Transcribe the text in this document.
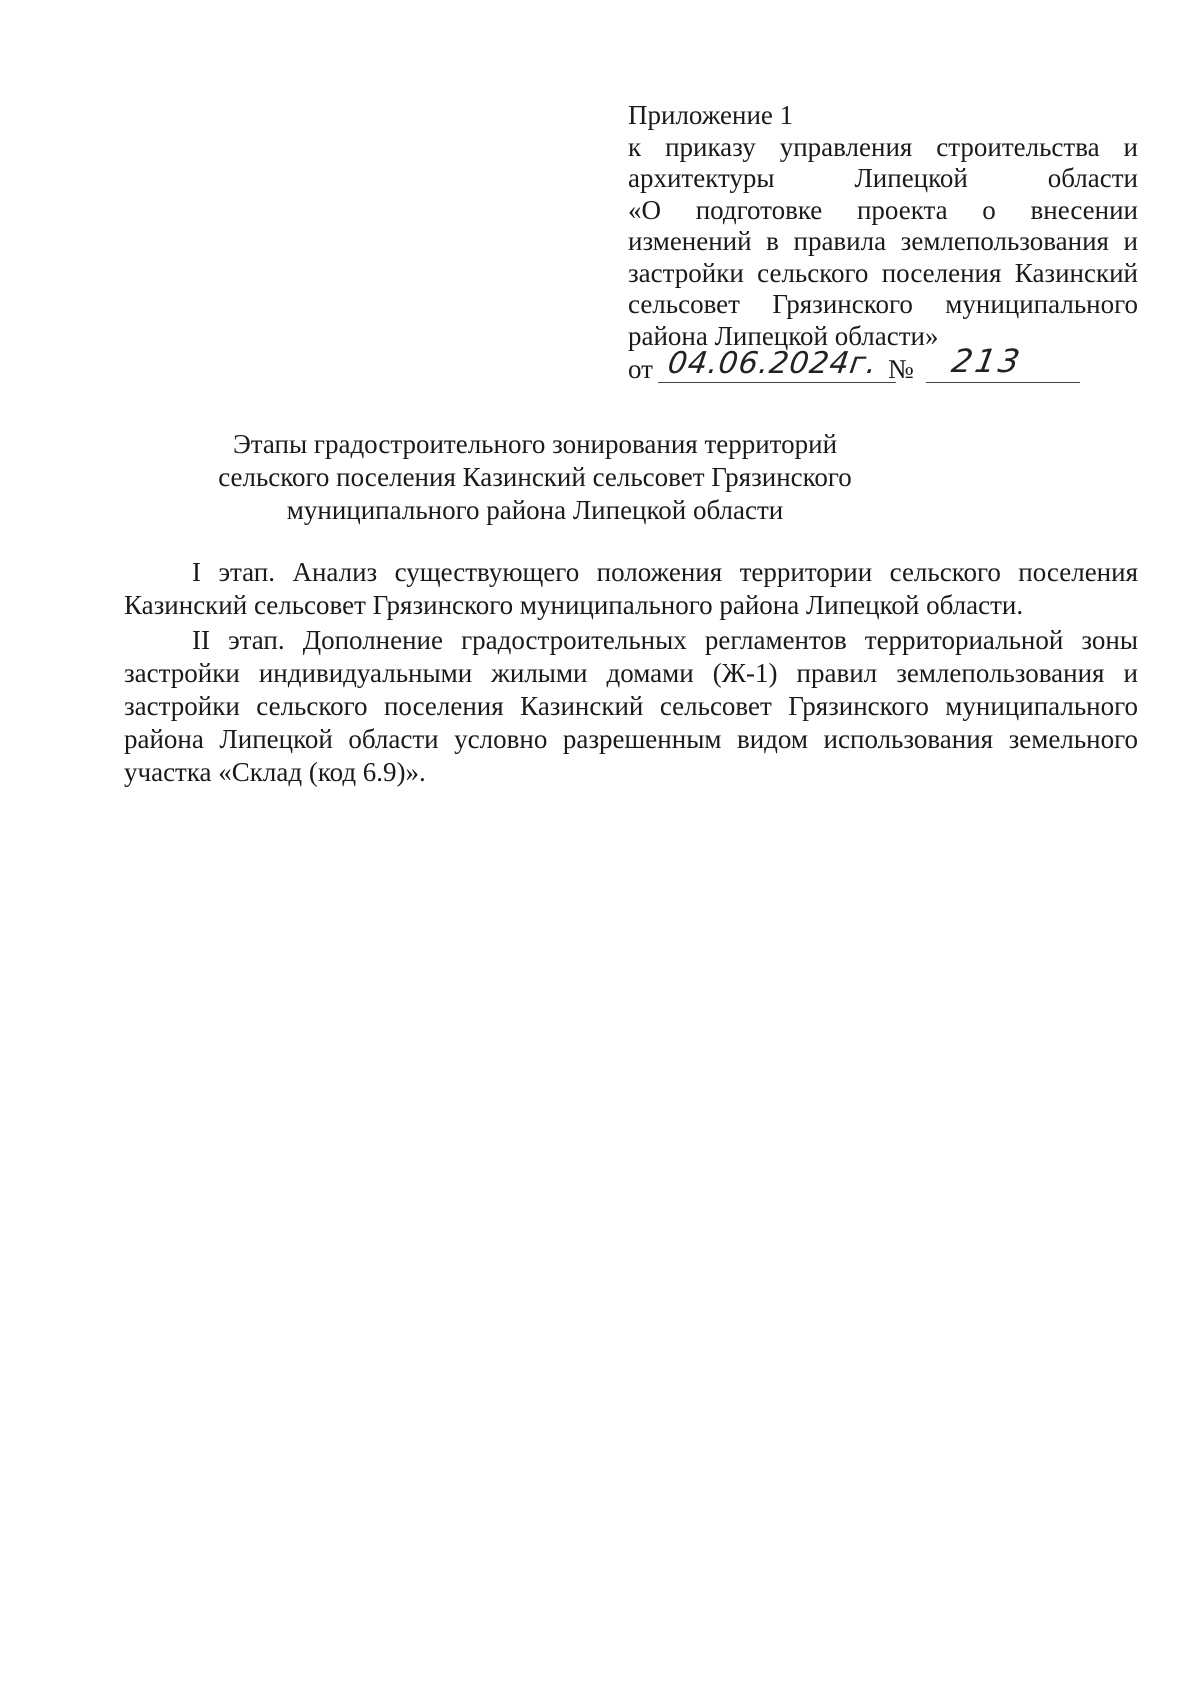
Приложение 1
к приказу управления строительства и
архитектуры Липецкой области
«О подготовке проекта о внесении
изменений в правила землепользования и
застройки сельского поселения Казинский
сельсовет Грязинского муниципального
района Липецкой области»
от 04.06.2024г. № 213
Этапы градостроительного зонирования территорий сельского поселения Казинский сельсовет Грязинского муниципального района Липецкой области

I этап. Анализ существующего положения территории сельского поселения Казинский сельсовет Грязинского муниципального района Липецкой области.

II этап. Дополнение градостроительных регламентов территориальной зоны застройки индивидуальными жилыми домами (Ж-1) правил землепользования и застройки сельского поселения Казинский сельсовет Грязинского муниципального района Липецкой области условно разрешенным видом использования земельного участка «Склад (код 6.9)».
